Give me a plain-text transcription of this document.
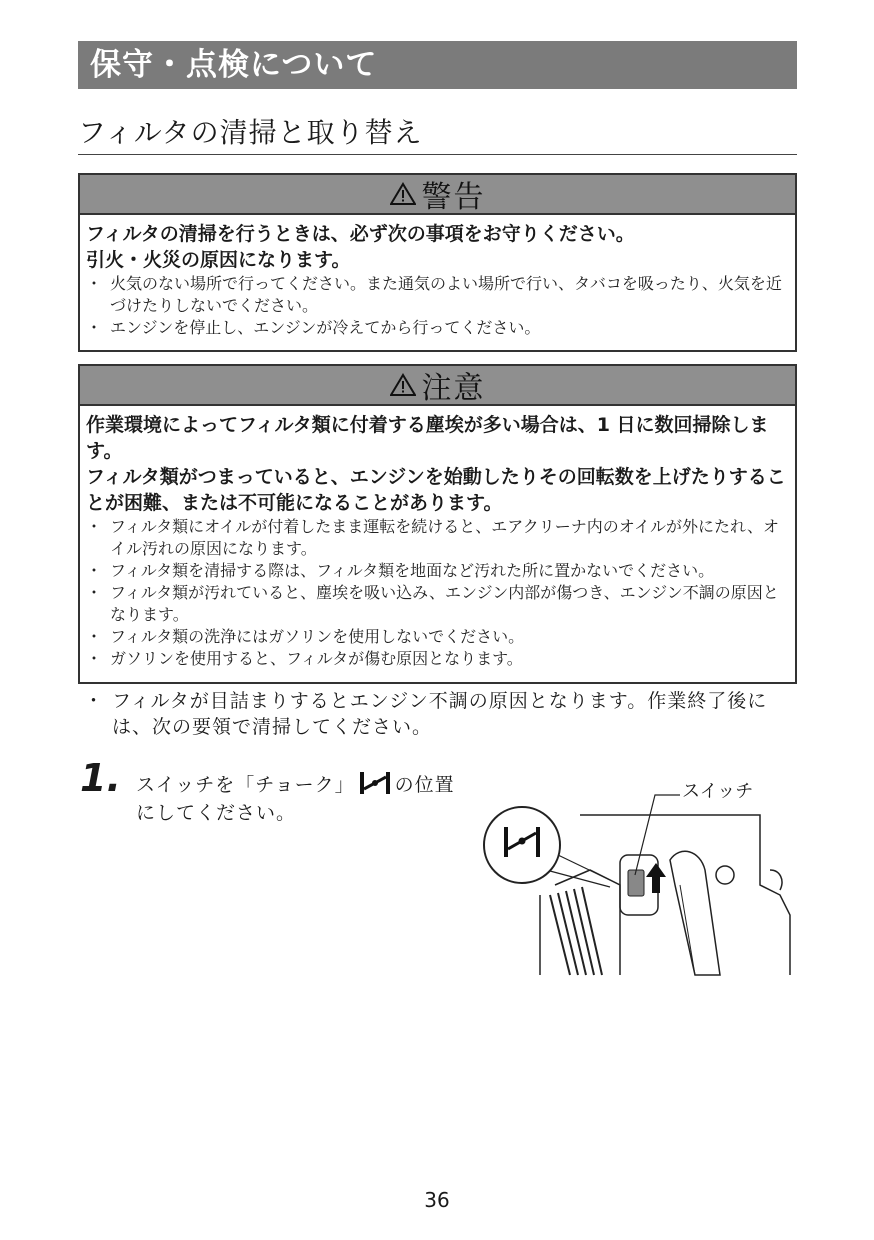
保守・点検について
フィルタの清掃と取り替え
警告
フィルタの清掃を行うときは、必ず次の事項をお守りください。
引火・火災の原因になります。
・ 火気のない場所で行ってください。また通気のよい場所で行い、タバコを吸ったり、火気を近づけたりしないでください。
・ エンジンを停止し、エンジンが冷えてから行ってください。
注意
作業環境によってフィルタ類に付着する塵埃が多い場合は、1 日に数回掃除します。
フィルタ類がつまっていると、エンジンを始動したりその回転数を上げたりすることが困難、または不可能になることがあります。
・ フィルタ類にオイルが付着したまま運転を続けると、エアクリーナ内のオイルが外にたれ、オイル汚れの原因になります。
・ フィルタ類を清掃する際は、フィルタ類を地面など汚れた所に置かないでください。
・ フィルタ類が汚れていると、塵埃を吸い込み、エンジン内部が傷つき、エンジン不調の原因となります。
・ フィルタ類の洗浄にはガソリンを使用しないでください。
・ ガソリンを使用すると、フィルタが傷む原因となります。
・ フィルタが目詰まりするとエンジン不調の原因となります。作業終了後には、次の要領で清掃してください。
1. スイッチを「チョーク」 の位置にしてください。
スイッチ
36
